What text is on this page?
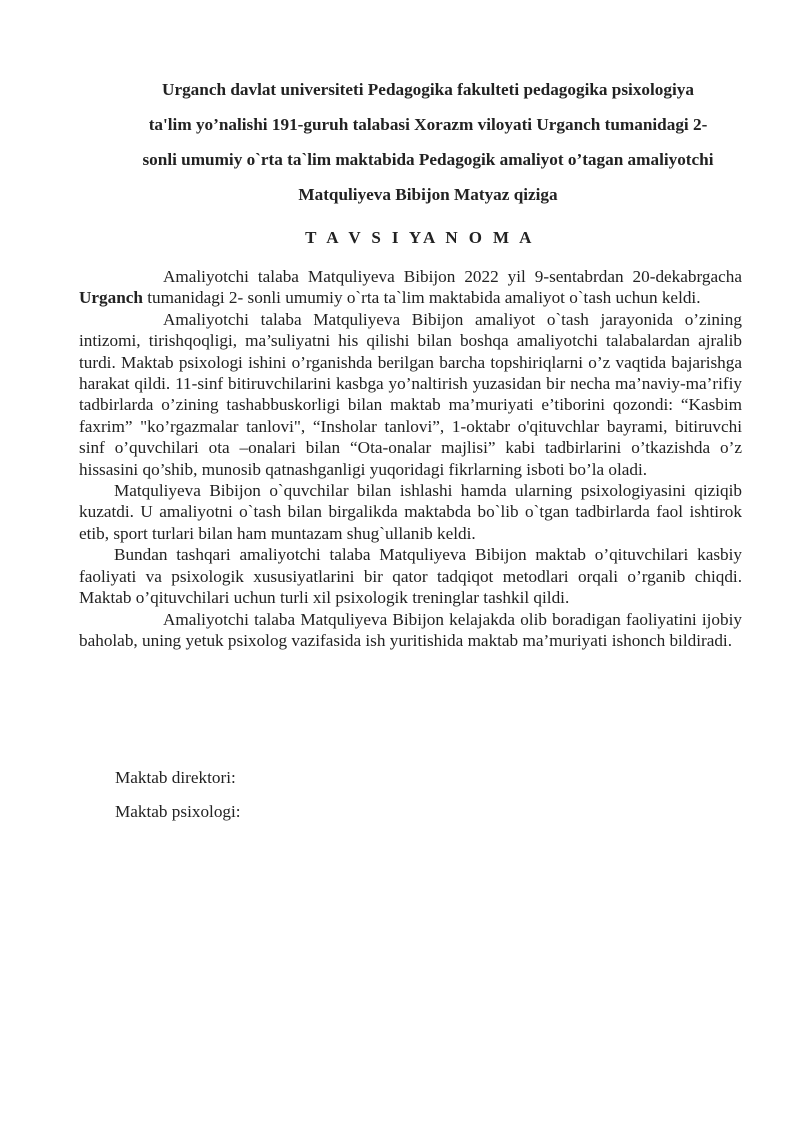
Urganch davlat universiteti Pedagogika fakulteti pedagogika psixologiya
ta'lim yo’nalishi 191-guruh talabasi Xorazm viloyati Urganch tumanidagi 2-
sonli umumiy o`rta ta`lim maktabida Pedagogik amaliyot o’tagan amaliyotchi
Matquliyeva Bibijon Matyaz qiziga
T A V S I YA N O M A

Amaliyotchi talaba Matquliyeva Bibijon 2022 yil 9-sentabrdan 20-dekabrgacha Urganch tumanidagi 2- sonli umumiy o`rta ta`lim maktabida amaliyot o`tash uchun keldi.

Amaliyotchi talaba Matquliyeva Bibijon amaliyot o`tash jarayonida o’zining intizomi, tirishqoqligi, ma’suliyatni his qilishi bilan boshqa amaliyotchi talabalardan ajralib turdi. Maktab psixologi ishini o’rganishda berilgan barcha topshiriqlarni o’z vaqtida bajarishga harakat qildi. 11-sinf bitiruvchilarini kasbga yo’naltirish yuzasidan bir necha ma’naviy-ma’rifiy tadbirlarda o’zining tashabbuskorligi bilan maktab ma’muriyati e’tiborini qozondi: “Kasbim faxrim” "ko’rgazmalar tanlovi", “Insholar tanlovi”, 1-oktabr o'qituvchlar bayrami, bitiruvchi sinf o’quvchilari ota –onalari bilan “Ota-onalar majlisi” kabi tadbirlarini o’tkazishda o’z hissasini qo’shib, munosib qatnashganligi yuqoridagi fikrlarning isboti bo’la oladi.

Matquliyeva Bibijon o`quvchilar bilan ishlashi hamda ularning psixologiyasini qiziqib kuzatdi. U amaliyotni o`tash bilan birgalikda maktabda bo`lib o`tgan tadbirlarda faol ishtirok etib, sport turlari bilan ham muntazam shug`ullanib keldi.

Bundan tashqari amaliyotchi talaba Matquliyeva Bibijon maktab o’qituvchilari kasbiy faoliyati va psixologik xususiyatlarini bir qator tadqiqot metodlari orqali o’rganib chiqdi. Maktab o’qituvchilari uchun turli xil psixologik treninglar tashkil qildi.

Amaliyotchi talaba Matquliyeva Bibijon kelajakda olib boradigan faoliyatini ijobiy baholab, uning yetuk psixolog vazifasida ish yuritishida maktab ma’muriyati ishonch bildiradi.

Maktab direktori:
Maktab psixologi:
